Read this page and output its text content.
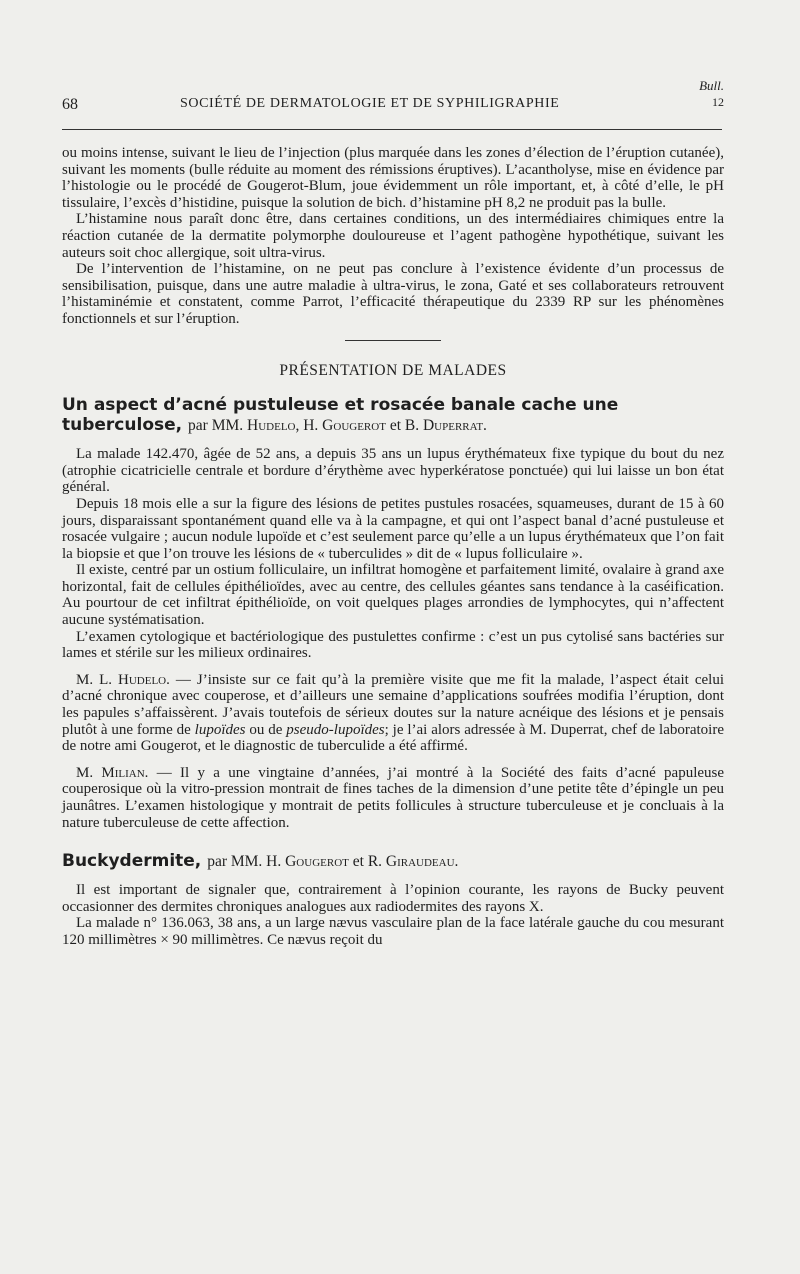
Bull.
12
68	SOCIÉTÉ DE DERMATOLOGIE ET DE SYPHILIGRAPHIE

ou moins intense, suivant le lieu de l’injection (plus marquée dans les zones d’élection de l’éruption cutanée), suivant les moments (bulle réduite au moment des rémissions éruptives). L’acantholyse, mise en évidence par l’histologie ou le procédé de Gougerot-Blum, joue évidemment un rôle important, et, à côté d’elle, le pH tissulaire, l’excès d’histidine, puisque la solution de bich. d’histamine pH 8,2 ne produit pas la bulle.

L’histamine nous paraît donc être, dans certaines conditions, un des intermédiaires chimiques entre la réaction cutanée de la dermatite polymorphe douloureuse et l’agent pathogène hypothétique, suivant les auteurs soit choc allergique, soit ultra-virus.

De l’intervention de l’histamine, on ne peut pas conclure à l’existence évidente d’un processus de sensibilisation, puisque, dans une autre maladie à ultra-virus, le zona, Gaté et ses collaborateurs retrouvent l’histaminémie et constatent, comme Parrot, l’efficacité thérapeutique du 2339 RP sur les phénomènes fonctionnels et sur l’éruption.

PRÉSENTATION DE MALADES
Un aspect d’acné pustuleuse et rosacée banale cache une tuberculose, par MM. Hudelo, H. Gougerot et B. Duperrat.

La malade 142.470, âgée de 52 ans, a depuis 35 ans un lupus érythémateux fixe typique du bout du nez (atrophie cicatricielle centrale et bordure d’érythème avec hyperkératose ponctuée) qui lui laisse un bon état général.

Depuis 18 mois elle a sur la figure des lésions de petites pustules rosacées, squameuses, durant de 15 à 60 jours, disparaissant spontanément quand elle va à la campagne, et qui ont l’aspect banal d’acné pustuleuse et rosacée vulgaire ; aucun nodule lupoïde et c’est seulement parce qu’elle a un lupus érythémateux que l’on fait la biopsie et que l’on trouve les lésions de « tuberculides » dit de « lupus folliculaire ».

Il existe, centré par un ostium folliculaire, un infiltrat homogène et parfaitement limité, ovalaire à grand axe horizontal, fait de cellules épithélioïdes, avec au centre, des cellules géantes sans tendance à la caséification. Au pourtour de cet infiltrat épithélioïde, on voit quelques plages arrondies de lymphocytes, qui n’affectent aucune systématisation.

L’examen cytologique et bactériologique des pustulettes confirme : c’est un pus cytolisé sans bactéries sur lames et stérile sur les milieux ordinaires.

M. L. Hudelo. — J’insiste sur ce fait qu’à la première visite que me fit la malade, l’aspect était celui d’acné chronique avec couperose, et d’ailleurs une semaine d’applications soufrées modifia l’éruption, dont les papules s’affaissèrent. J’avais toutefois de sérieux doutes sur la nature acnéique des lésions et je pensais plutôt à une forme de lupoïdes ou de pseudo-lupoïdes; je l’ai alors adressée à M. Duperrat, chef de laboratoire de notre ami Gougerot, et le diagnostic de tuberculide a été affirmé.

M. Milian. — Il y a une vingtaine d’années, j’ai montré à la Société des faits d’acné papuleuse couperosique où la vitro-pression montrait de fines taches de la dimension d’une petite tête d’épingle un peu jaunâtres. L’examen histologique y montrait de petits follicules à structure tuberculeuse et je concluais à la nature tuberculeuse de cette affection.

Buckydermite, par MM. H. Gougerot et R. Giraudeau.

Il est important de signaler que, contrairement à l’opinion courante, les rayons de Bucky peuvent occasionner des dermites chroniques analogues aux radiodermites des rayons X.

La malade n° 136.063, 38 ans, a un large nævus vasculaire plan de la face latérale gauche du cou mesurant 120 millimètres × 90 millimètres. Ce nævus reçoit du
